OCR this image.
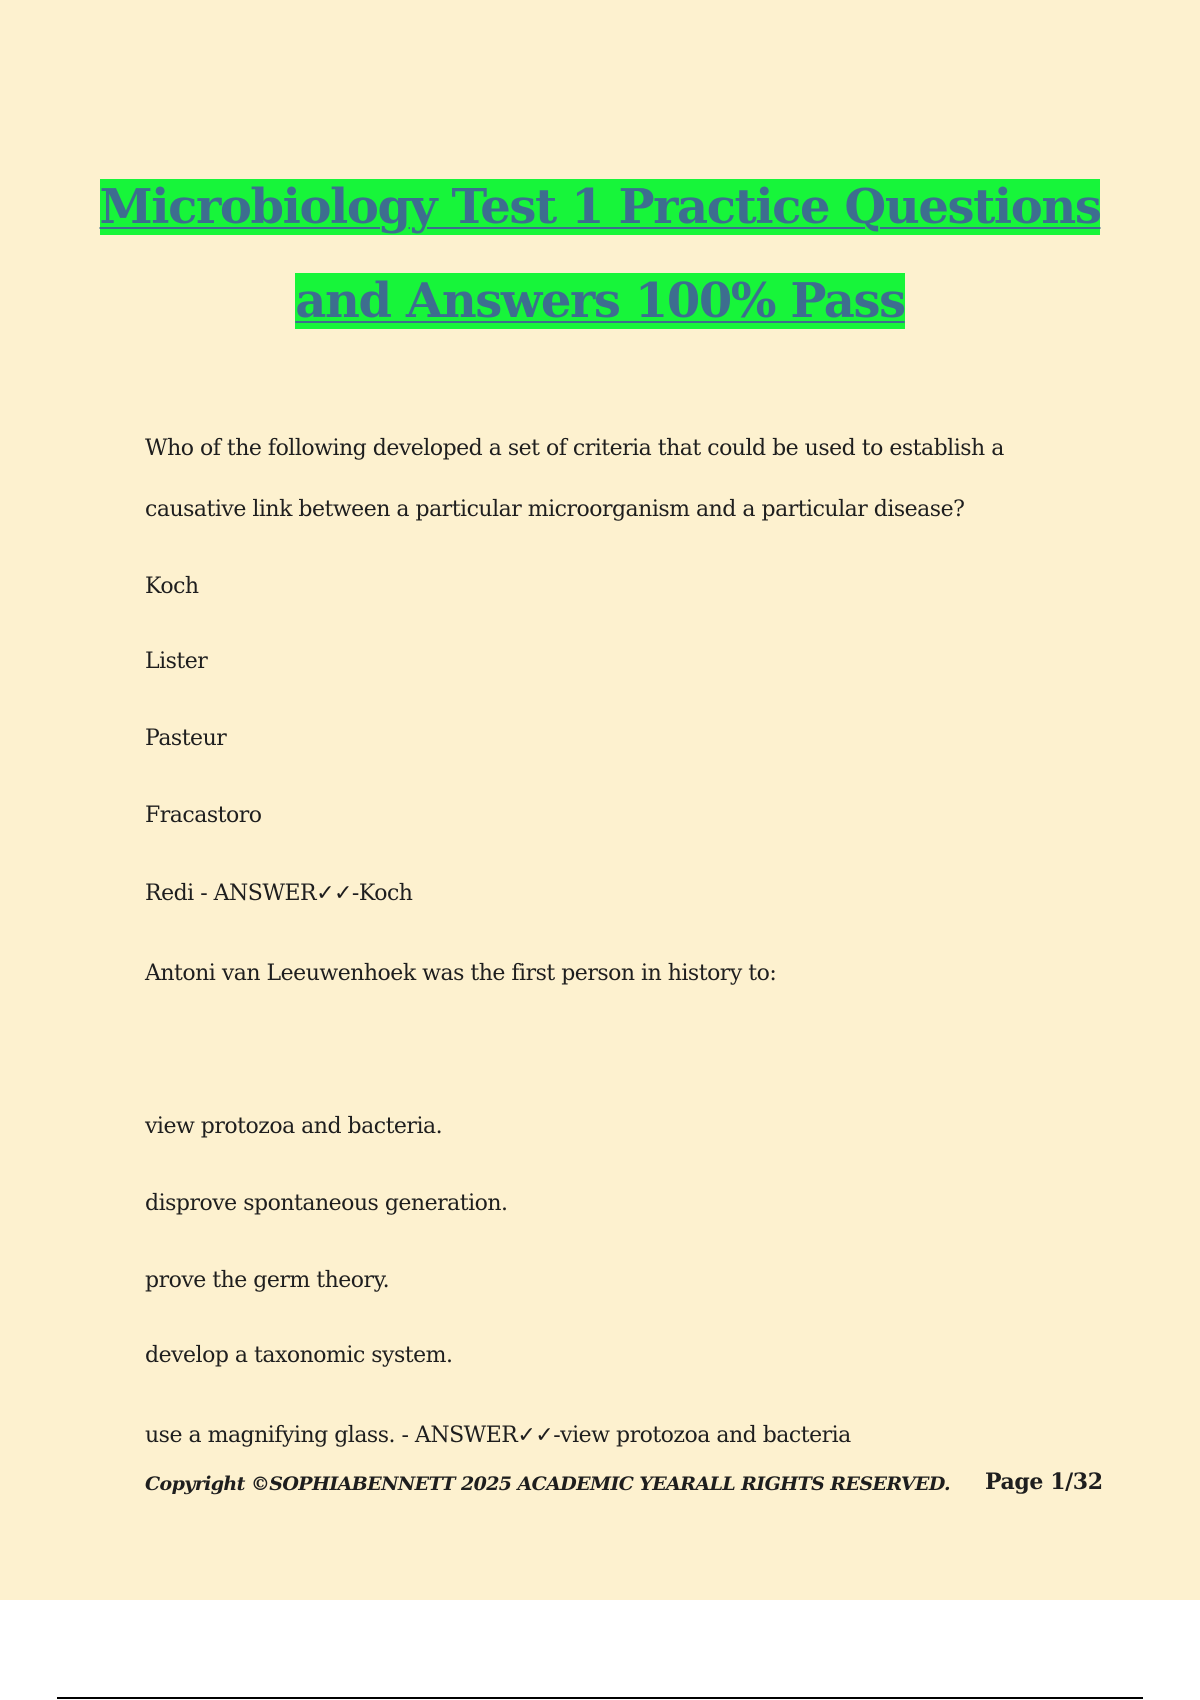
Microbiology Test 1 Practice Questions
and Answers 100% Pass

Who of the following developed a set of criteria that could be used to establish a

causative link between a particular microorganism and a particular disease?

Koch

Lister

Pasteur

Fracastoro

Redi - ANSWER✓✓-Koch

Antoni van Leeuwenhoek was the first person in history to:

view protozoa and bacteria.

disprove spontaneous generation.

prove the germ theory.

develop a taxonomic system.

use a magnifying glass. - ANSWER✓✓-view protozoa and bacteria

Copyright ©SOPHIABENNETT 2025 ACADEMIC YEARALL RIGHTS RESERVED. Page 1/32
